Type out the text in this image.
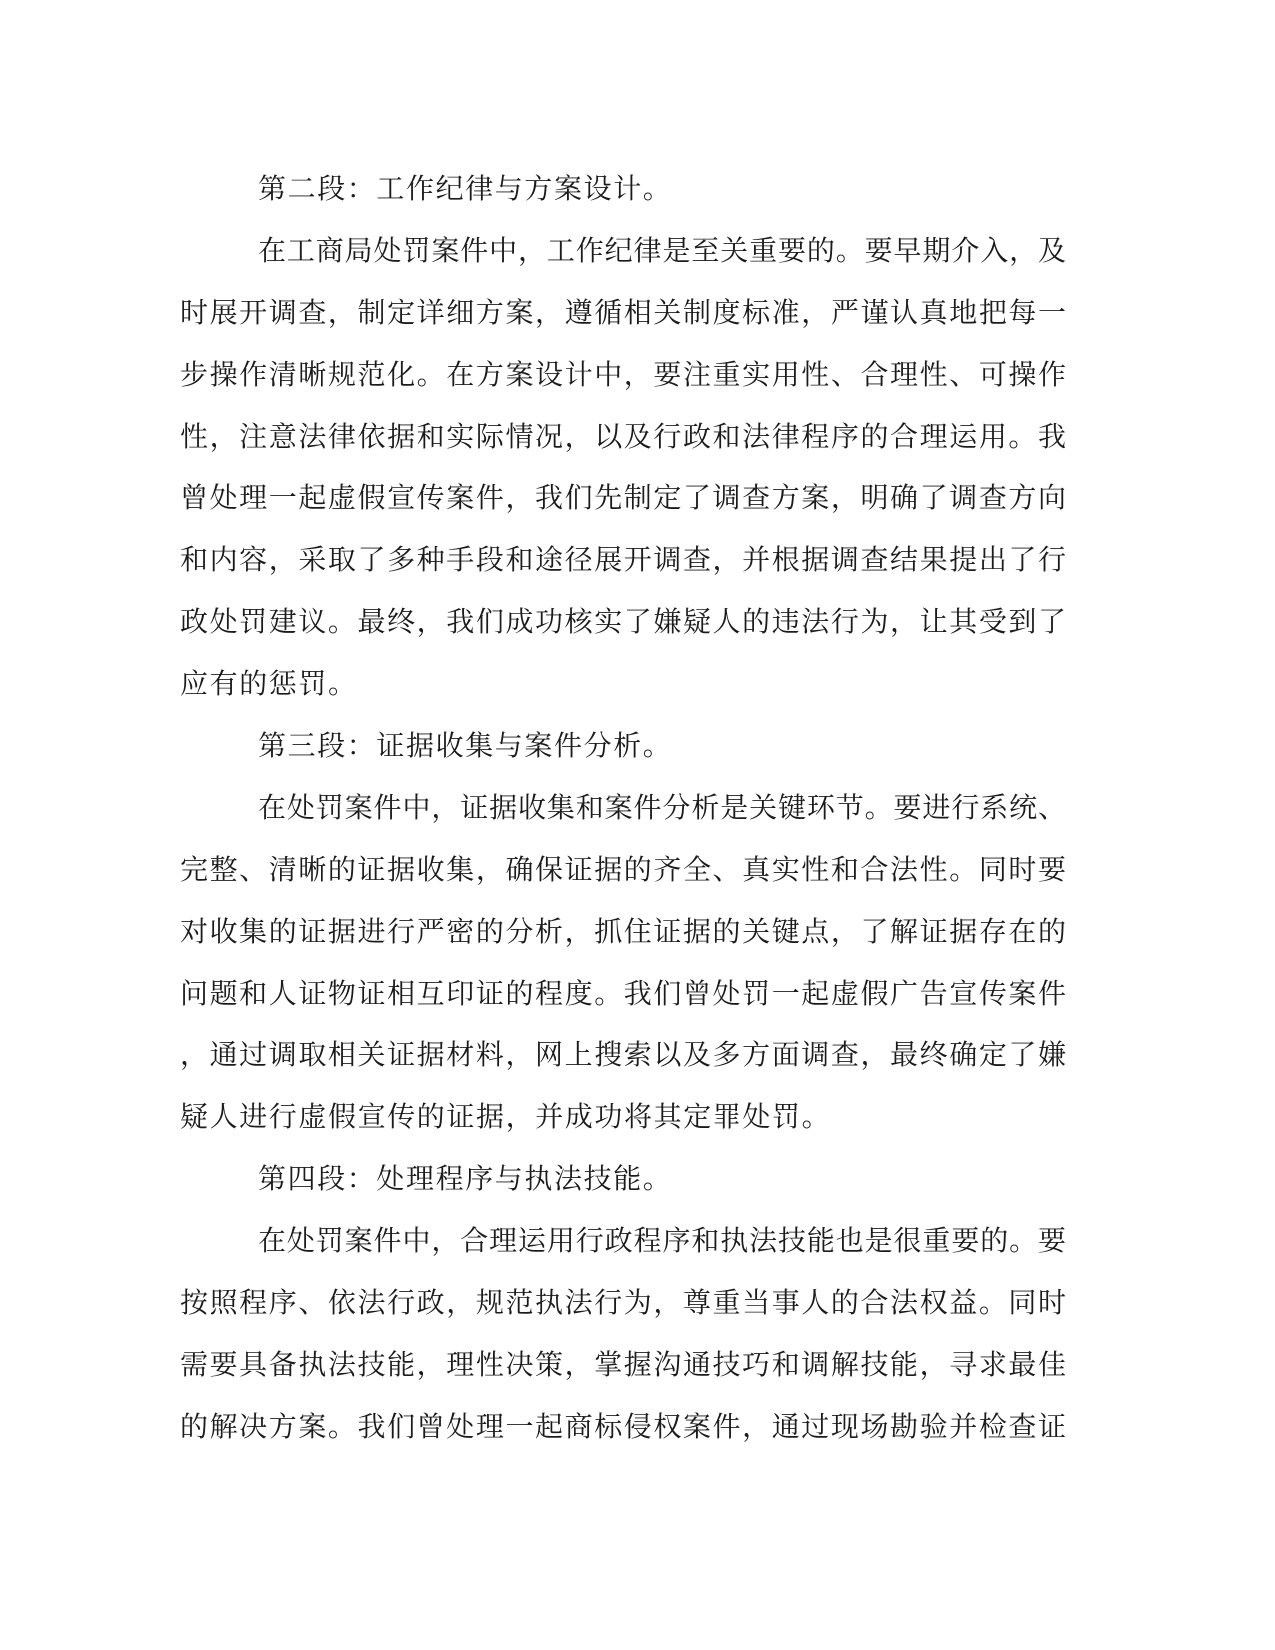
第二段：工作纪律与方案设计。
在工商局处罚案件中，工作纪律是至关重要的。要早期介入，及
时展开调查，制定详细方案，遵循相关制度标准，严谨认真地把每一
步操作清晰规范化。在方案设计中，要注重实用性、合理性、可操作
性，注意法律依据和实际情况，以及行政和法律程序的合理运用。我
曾处理一起虚假宣传案件，我们先制定了调查方案，明确了调查方向
和内容，采取了多种手段和途径展开调查，并根据调查结果提出了行
政处罚建议。最终，我们成功核实了嫌疑人的违法行为，让其受到了
应有的惩罚。
第三段：证据收集与案件分析。
在处罚案件中，证据收集和案件分析是关键环节。要进行系统、
完整、清晰的证据收集，确保证据的齐全、真实性和合法性。同时要
对收集的证据进行严密的分析，抓住证据的关键点，了解证据存在的
问题和人证物证相互印证的程度。我们曾处罚一起虚假广告宣传案件
，通过调取相关证据材料，网上搜索以及多方面调查，最终确定了嫌
疑人进行虚假宣传的证据，并成功将其定罪处罚。
第四段：处理程序与执法技能。
在处罚案件中，合理运用行政程序和执法技能也是很重要的。要
按照程序、依法行政，规范执法行为，尊重当事人的合法权益。同时
需要具备执法技能，理性决策，掌握沟通技巧和调解技能，寻求最佳
的解决方案。我们曾处理一起商标侵权案件，通过现场勘验并检查证
